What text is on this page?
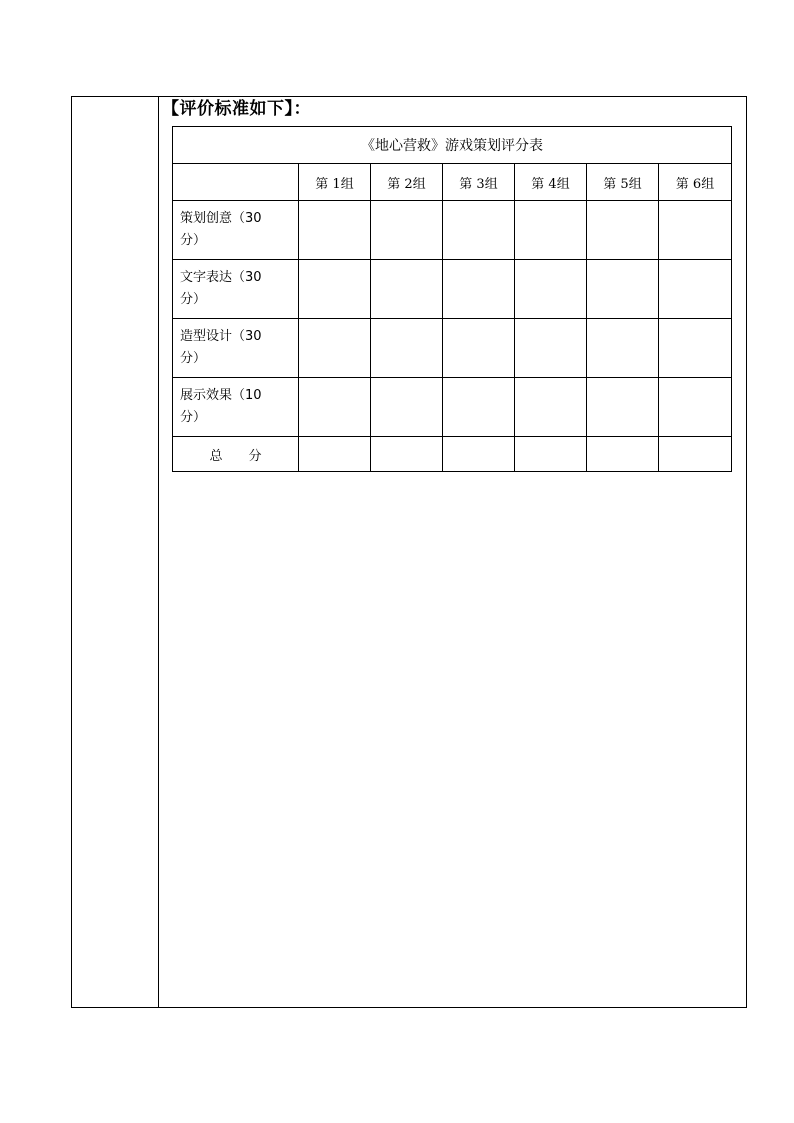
【评价标准如下】：
《地心营救》游戏策划评分表						
	第 1组	第 2组	第 3组	第 4组	第 5组	第 6组

策划创意（30分）						

文字表达（30分）						

造型设计（30分）						

展示效果（10分）						

总　　分						
